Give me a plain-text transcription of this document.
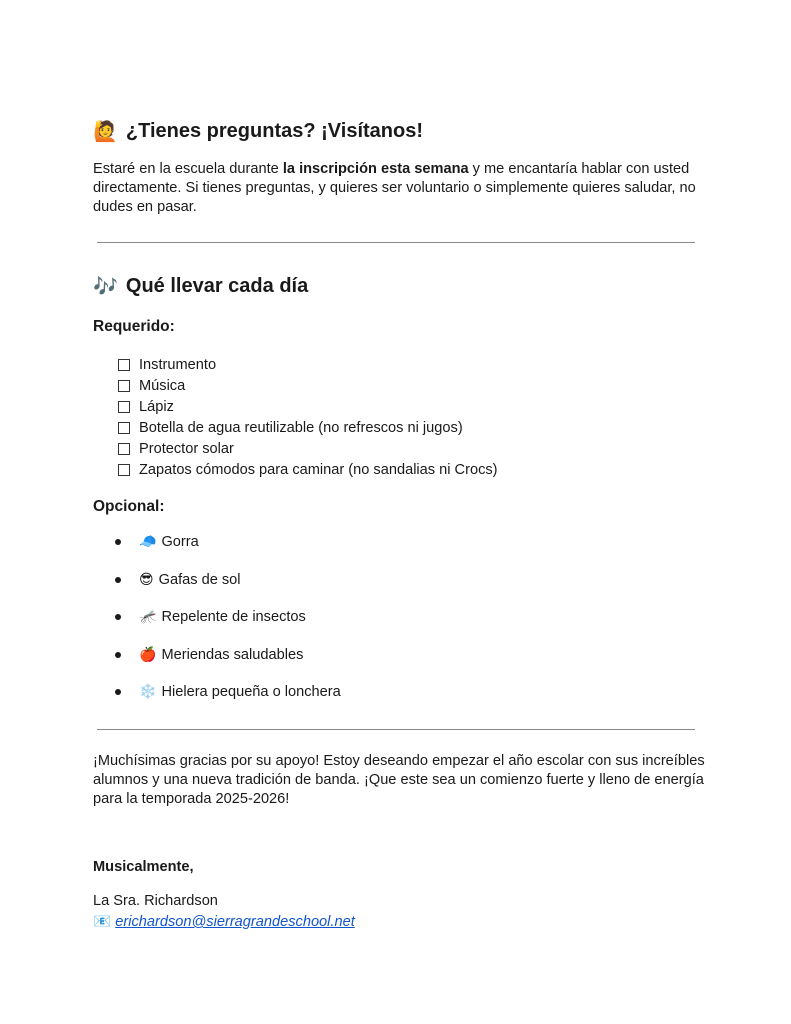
🙋 ¿Tienes preguntas? ¡Visítanos!
Estaré en la escuela durante la inscripción esta semana y me encantaría hablar con usted
directamente. Si tienes preguntas, y quieres ser voluntario o simplemente quieres saludar, no
dudes en pasar.
🎶 Qué llevar cada día
Requerido:
Instrumento
Música
Lápiz
Botella de agua reutilizable (no refrescos ni jugos)
Protector solar
Zapatos cómodos para caminar (no sandalias ni Crocs)
Opcional:
🧢 Gorra
😎 Gafas de sol
🦟 Repelente de insectos
🍎 Meriendas saludables
❄️ Hielera pequeña o lonchera
¡Muchísimas gracias por su apoyo! Estoy deseando empezar el año escolar con sus increíbles
alumnos y una nueva tradición de banda. ¡Que este sea un comienzo fuerte y lleno de energía
para la temporada 2025-2026!
Musicalmente,
La Sra. Richardson
📧 erichardson@sierragrandeschool.net
